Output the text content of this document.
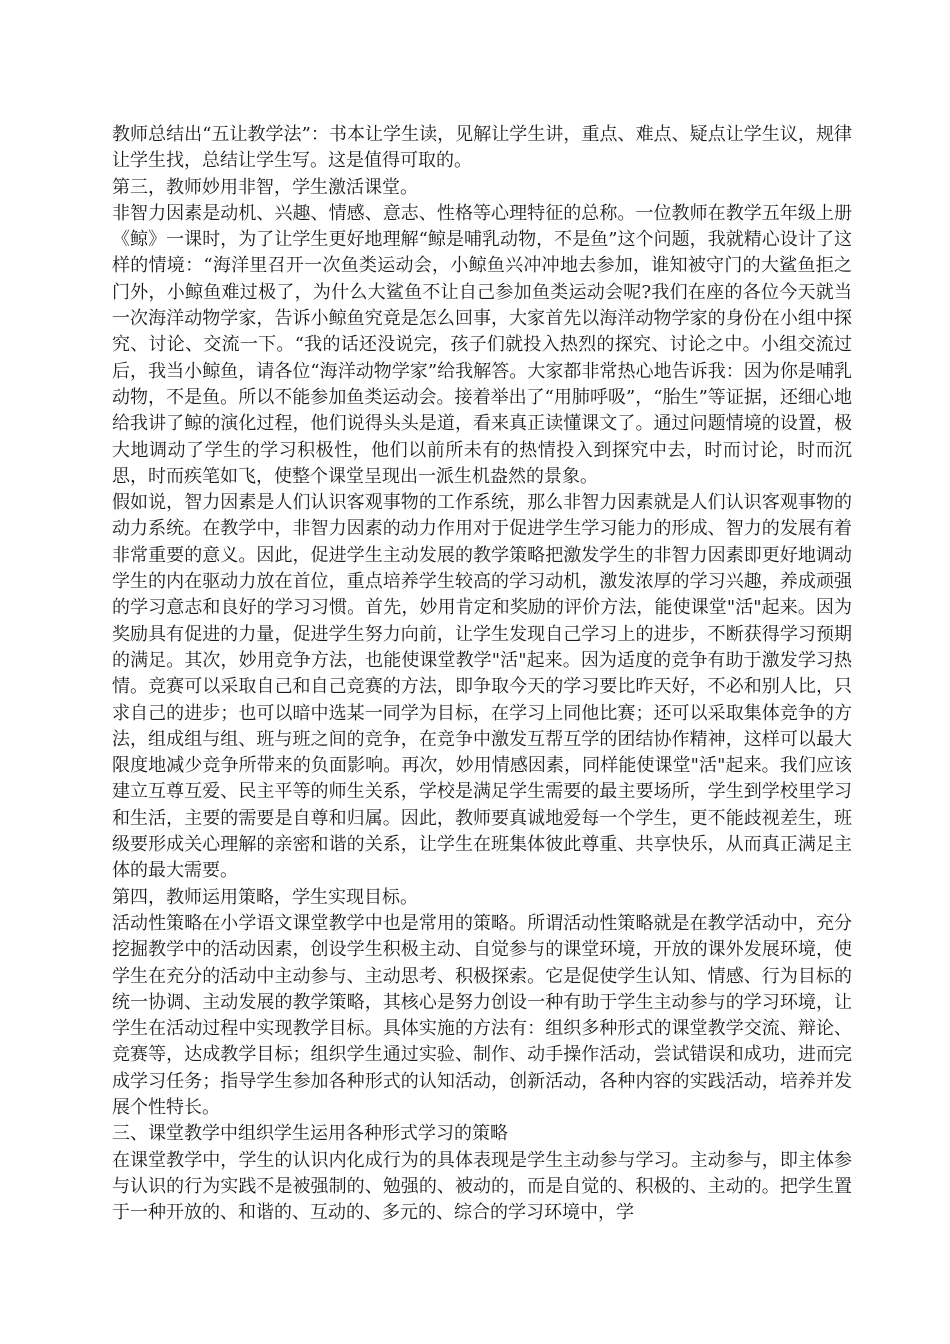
教师总结出“五让教学法”：书本让学生读，见解让学生讲，重点、难点、疑点让学生议，规律让学生找，总结让学生写。这是值得可取的。

第三，教师妙用非智，学生激活课堂。

非智力因素是动机、兴趣、情感、意志、性格等心理特征的总称。一位教师在教学五年级上册《鲸》一课时，为了让学生更好地理解“鲸是哺乳动物，不是鱼”这个问题，我就精心设计了这样的情境：“海洋里召开一次鱼类运动会，小鲸鱼兴冲冲地去参加，谁知被守门的大鲨鱼拒之门外，小鲸鱼难过极了，为什么大鲨鱼不让自己参加鱼类运动会呢?我们在座的各位今天就当一次海洋动物学家，告诉小鲸鱼究竟是怎么回事，大家首先以海洋动物学家的身份在小组中探究、讨论、交流一下。“我的话还没说完，孩子们就投入热烈的探究、讨论之中。小组交流过后，我当小鲸鱼，请各位“海洋动物学家”给我解答。大家都非常热心地告诉我：因为你是哺乳动物，不是鱼。所以不能参加鱼类运动会。接着举出了“用肺呼吸”，“胎生”等证据，还细心地给我讲了鲸的演化过程，他们说得头头是道，看来真正读懂课文了。通过问题情境的设置，极大地调动了学生的学习积极性，他们以前所未有的热情投入到探究中去，时而讨论，时而沉思，时而疾笔如飞，使整个课堂呈现出一派生机盎然的景象。

假如说，智力因素是人们认识客观事物的工作系统，那么非智力因素就是人们认识客观事物的动力系统。在教学中，非智力因素的动力作用对于促进学生学习能力的形成、智力的发展有着非常重要的意义。因此，促进学生主动发展的教学策略把激发学生的非智力因素即更好地调动学生的内在驱动力放在首位，重点培养学生较高的学习动机，激发浓厚的学习兴趣，养成顽强的学习意志和良好的学习习惯。首先，妙用肯定和奖励的评价方法，能使课堂"活"起来。因为奖励具有促进的力量，促进学生努力向前，让学生发现自己学习上的进步，不断获得学习预期的满足。其次，妙用竞争方法，也能使课堂教学"活"起来。因为适度的竞争有助于激发学习热情。竞赛可以采取自己和自己竞赛的方法，即争取今天的学习要比昨天好，不必和别人比，只求自己的进步；也可以暗中选某一同学为目标，在学习上同他比赛；还可以采取集体竞争的方法，组成组与组、班与班之间的竞争，在竞争中激发互帮互学的团结协作精神，这样可以最大限度地减少竞争所带来的负面影响。再次，妙用情感因素，同样能使课堂"活"起来。我们应该建立互尊互爱、民主平等的师生关系，学校是满足学生需要的最主要场所，学生到学校里学习和生活，主要的需要是自尊和归属。因此，教师要真诚地爱每一个学生，更不能歧视差生，班级要形成关心理解的亲密和谐的关系，让学生在班集体彼此尊重、共享快乐，从而真正满足主体的最大需要。

第四，教师运用策略，学生实现目标。

活动性策略在小学语文课堂教学中也是常用的策略。所谓活动性策略就是在教学活动中，充分挖掘教学中的活动因素，创设学生积极主动、自觉参与的课堂环境，开放的课外发展环境，使学生在充分的活动中主动参与、主动思考、积极探索。它是促使学生认知、情感、行为目标的统一协调、主动发展的教学策略，其核心是努力创设一种有助于学生主动参与的学习环境，让学生在活动过程中实现教学目标。具体实施的方法有：组织多种形式的课堂教学交流、辩论、竞赛等，达成教学目标；组织学生通过实验、制作、动手操作活动，尝试错误和成功，进而完成学习任务；指导学生参加各种形式的认知活动，创新活动，各种内容的实践活动，培养并发展个性特长。

三、课堂教学中组织学生运用各种形式学习的策略

在课堂教学中，学生的认识内化成行为的具体表现是学生主动参与学习。主动参与，即主体参与认识的行为实践不是被强制的、勉强的、被动的，而是自觉的、积极的、主动的。把学生置于一种开放的、和谐的、互动的、多元的、综合的学习环境中，学
